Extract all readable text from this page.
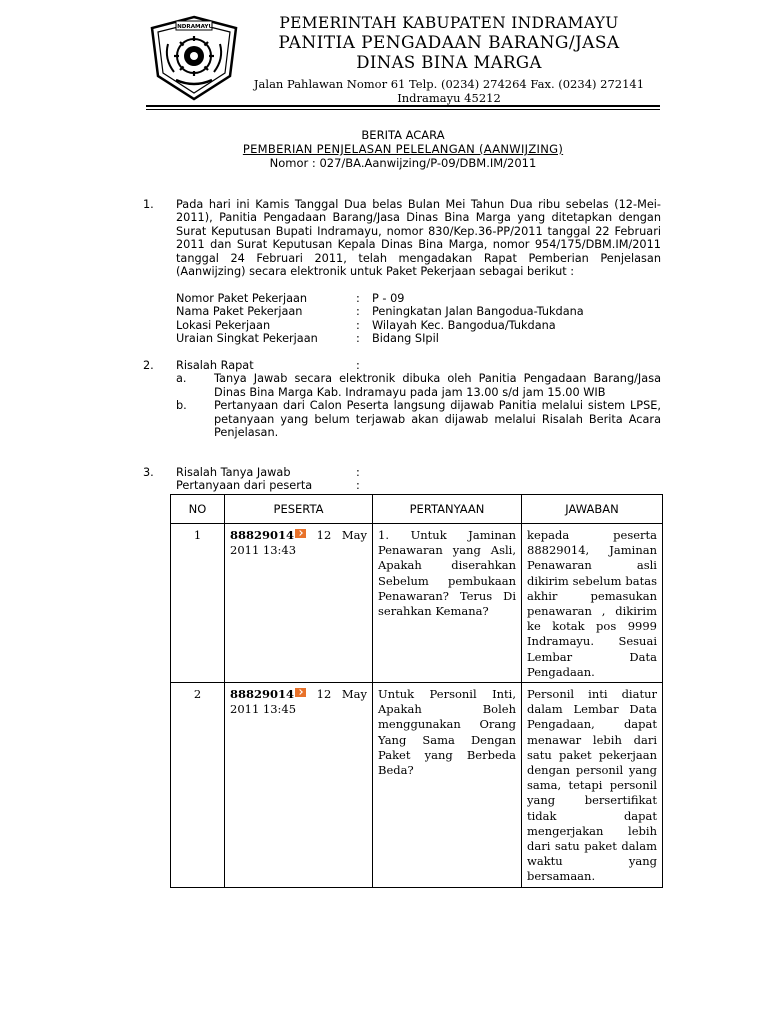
INDRAMAYU	PEMERINTAH KABUPATEN INDRAMAYU
PANITIA PENGADAAN BARANG/JASA
DINAS BINA MARGA
Jalan Pahlawan Nomor 61 Telp. (0234) 274264 Fax. (0234) 272141
Indramayu 45212
BERITA ACARA
PEMBERIAN PENJELASAN PELELANGAN (AANWIJZING)
Nomor : 027/BA.Aanwijzing/P-09/DBM.IM/2011
1. Pada hari ini Kamis Tanggal Dua belas Bulan Mei Tahun Dua ribu sebelas (12-Mei-2011), Panitia Pengadaan Barang/Jasa Dinas Bina Marga yang ditetapkan dengan Surat Keputusan Bupati Indramayu, nomor 830/Kep.36-PP/2011 tanggal 22 Februari 2011 dan Surat Keputusan Kepala Dinas Bina Marga, nomor 954/175/DBM.IM/2011 tanggal 24 Februari 2011, telah mengadakan Rapat Pemberian Penjelasan (Aanwijzing) secara elektronik untuk Paket Pekerjaan sebagai berikut :
Nomor Paket Pekerjaan	: P - 09
Nama Paket Pekerjaan	: Peningkatan Jalan Bangodua-Tukdana
Lokasi Pekerjaan	: Wilayah Kec. Bangodua/Tukdana
Uraian Singkat Pekerjaan	: Bidang SIpil
2. Risalah Rapat	:
a. Tanya Jawab secara elektronik dibuka oleh Panitia Pengadaan Barang/Jasa Dinas Bina Marga Kab. Indramayu pada jam 13.00 s/d jam 15.00 WIB
b. Pertanyaan dari Calon Peserta langsung dijawab Panitia melalui sistem LPSE, petanyaan yang belum terjawab akan dijawab melalui Risalah Berita Acara Penjelasan.
3. Risalah Tanya Jawab	:
Pertanyaan dari peserta	:
NO	PESERTA	PERTANYAAN	JAWABAN
1	88829014 12 May 2011 13:43	1. Untuk Jaminan Penawaran yang Asli, Apakah diserahkan Sebelum pembukaan Penawaran? Terus Di serahkan Kemana?	kepada peserta 88829014, Jaminan Penawaran asli dikirim sebelum batas akhir pemasukan penawaran , dikirim ke kotak pos 9999 Indramayu. Sesuai Lembar Data Pengadaan.
2	88829014 12 May 2011 13:45	Untuk Personil Inti, Apakah Boleh menggunakan Orang Yang Sama Dengan Paket yang Berbeda Beda?	Personil inti diatur dalam Lembar Data Pengadaan, dapat menawar lebih dari satu paket pekerjaan dengan personil yang sama, tetapi personil yang bersertifikat tidak dapat mengerjakan lebih dari satu paket dalam waktu yang bersamaan.
